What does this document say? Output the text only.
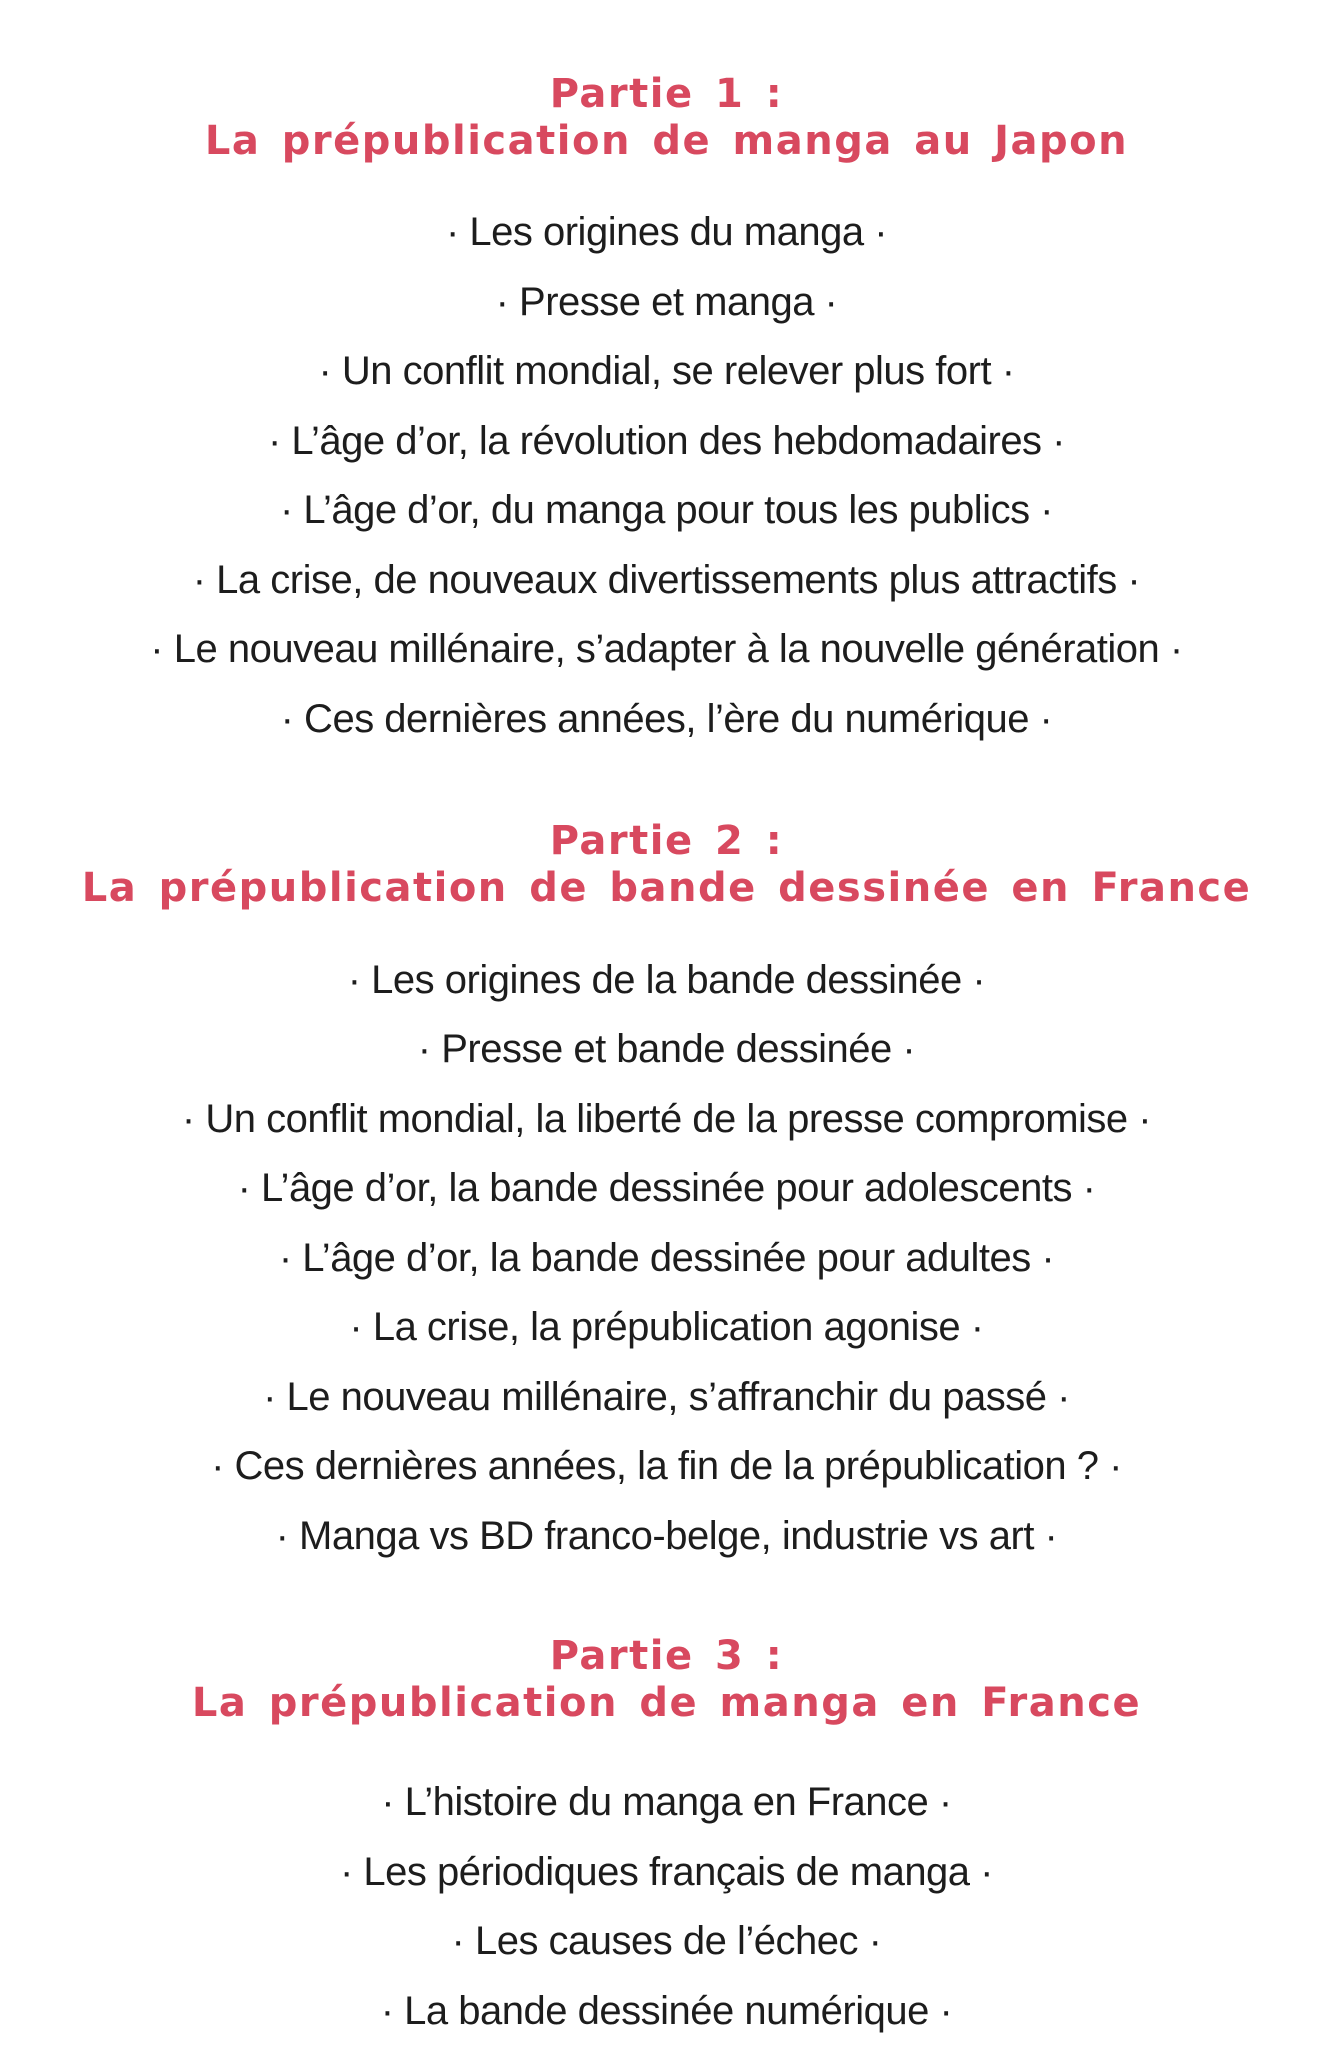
Partie 1 :
La prépublication de manga au Japon
· Les origines du manga ·
· Presse et manga ·
· Un conflit mondial, se relever plus fort ·
· L’âge d’or, la révolution des hebdomadaires ·
· L’âge d’or, du manga pour tous les publics ·
· La crise, de nouveaux divertissements plus attractifs ·
· Le nouveau millénaire, s’adapter à la nouvelle génération ·
· Ces dernières années, l’ère du numérique ·
Partie 2 :
La prépublication de bande dessinée en France
· Les origines de la bande dessinée ·
· Presse et bande dessinée ·
· Un conflit mondial, la liberté de la presse compromise ·
· L’âge d’or, la bande dessinée pour adolescents ·
· L’âge d’or, la bande dessinée pour adultes ·
· La crise, la prépublication agonise ·
· Le nouveau millénaire, s’affranchir du passé ·
· Ces dernières années, la fin de la prépublication ? ·
· Manga vs BD franco-belge, industrie vs art ·
Partie 3 :
La prépublication de manga en France
· L’histoire du manga en France ·
· Les périodiques français de manga ·
· Les causes de l’échec ·
· La bande dessinée numérique ·
